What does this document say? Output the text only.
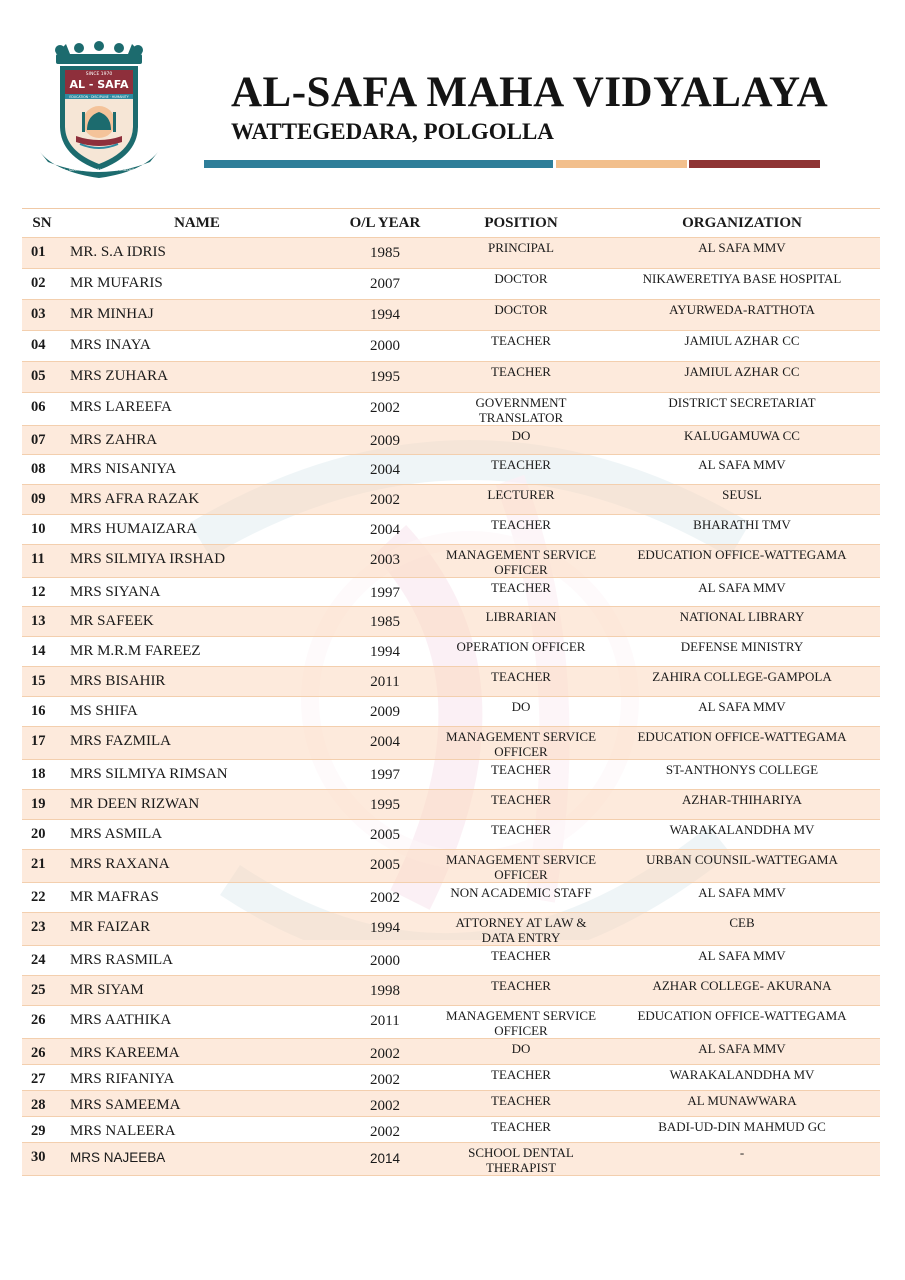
SINCE 1970
AL - SAFA
EDUCATION · DISCIPLINE · HUMANITY
AL - SAFA MAHA VIDYALAYA · WATTEGEDARA
AL-SAFA MAHA VIDYALAYA
WATTEGEDARA, POLGOLLA
SN	NAME	O/L YEAR	POSITION	ORGANIZATION
01	MR. S.A IDRIS	1985	PRINCIPAL	AL SAFA MMV
02	MR MUFARIS	2007	DOCTOR	NIKAWERETIYA BASE HOSPITAL
03	MR MINHAJ	1994	DOCTOR	AYURWEDA-RATTHOTA
04	MRS INAYA	2000	TEACHER	JAMIUL AZHAR CC
05	MRS ZUHARA	1995	TEACHER	JAMIUL AZHAR CC
06	MRS LAREEFA	2002	GOVERNMENT TRANSLATOR	DISTRICT SECRETARIAT
07	MRS ZAHRA	2009	DO	KALUGAMUWA CC
08	MRS NISANIYA	2004	TEACHER	AL SAFA MMV
09	MRS AFRA RAZAK	2002	LECTURER	SEUSL
10	MRS HUMAIZARA	2004	TEACHER	BHARATHI TMV
11	MRS SILMIYA IRSHAD	2003	MANAGEMENT SERVICE OFFICER	EDUCATION OFFICE-WATTEGAMA
12	MRS SIYANA	1997	TEACHER	AL SAFA MMV
13	MR SAFEEK	1985	LIBRARIAN	NATIONAL LIBRARY
14	MR M.R.M FAREEZ	1994	OPERATION OFFICER	DEFENSE MINISTRY
15	MRS BISAHIR	2011	TEACHER	ZAHIRA COLLEGE-GAMPOLA
16	MS SHIFA	2009	DO	AL SAFA MMV
17	MRS FAZMILA	2004	MANAGEMENT SERVICE OFFICER	EDUCATION OFFICE-WATTEGAMA
18	MRS SILMIYA RIMSAN	1997	TEACHER	ST-ANTHONYS COLLEGE
19	MR DEEN RIZWAN	1995	TEACHER	AZHAR-THIHARIYA
20	MRS ASMILA	2005	TEACHER	WARAKALANDDHA MV
21	MRS RAXANA	2005	MANAGEMENT SERVICE OFFICER	URBAN COUNSIL-WATTEGAMA
22	MR MAFRAS	2002	NON ACADEMIC STAFF	AL SAFA MMV
23	MR FAIZAR	1994	ATTORNEY AT LAW & DATA ENTRY	CEB
24	MRS RASMILA	2000	TEACHER	AL SAFA MMV
25	MR SIYAM	1998	TEACHER	AZHAR COLLEGE- AKURANA
26	MRS AATHIKA	2011	MANAGEMENT SERVICE OFFICER	EDUCATION OFFICE-WATTEGAMA
26	MRS KAREEMA	2002	DO	AL SAFA MMV
27	MRS RIFANIYA	2002	TEACHER	WARAKALANDDHA MV
28	MRS SAMEEMA	2002	TEACHER	AL MUNAWWARA
29	MRS NALEERA	2002	TEACHER	BADI-UD-DIN MAHMUD GC
30	MRS NAJEEBA	2014	SCHOOL DENTAL THERAPIST	-
